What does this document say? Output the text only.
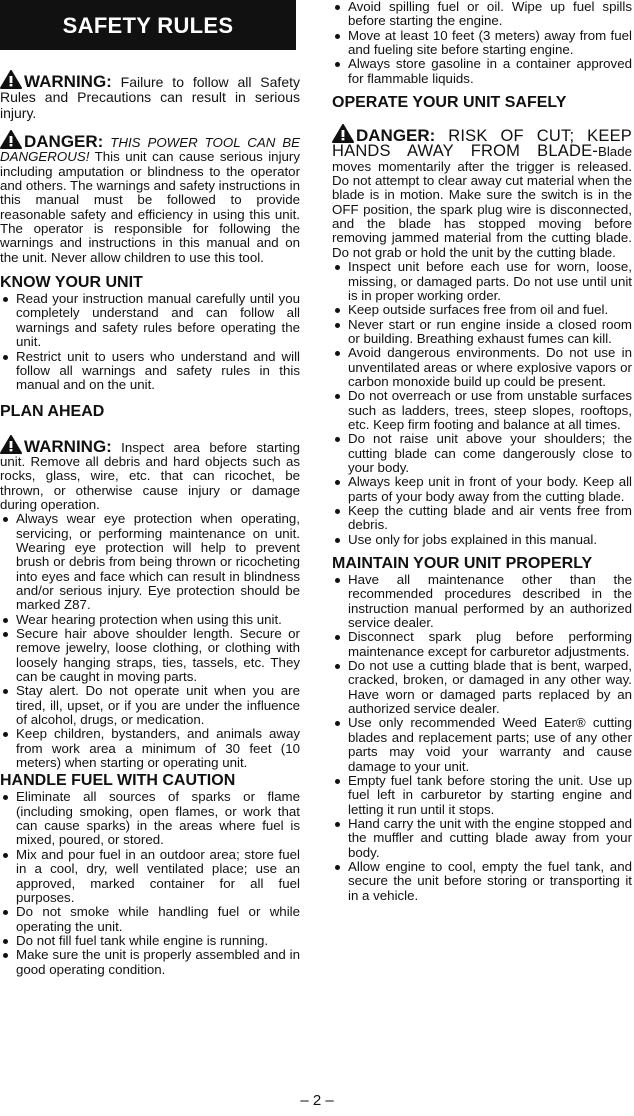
SAFETY RULES

WARNING: Failure to follow all Safety Rules and Precautions can result in serious injury.

DANGER: THIS POWER TOOL CAN BE DANGEROUS! This unit can cause serious injury including amputation or blindness to the operator and others. The warnings and safety instructions in this manual must be followed to provide reasonable safety and efficiency in using this unit. The operator is responsible for following the warnings and instructions in this manual and on the unit. Never allow children to use this tool.

KNOW YOUR UNIT
Read your instruction manual carefully until you completely understand and can follow all warnings and safety rules before operating the unit.
Restrict unit to users who understand and will follow all warnings and safety rules in this manual and on the unit.
PLAN AHEAD

WARNING: Inspect area before starting unit. Remove all debris and hard objects such as rocks, glass, wire, etc. that can ricochet, be thrown, or otherwise cause injury or damage during operation.

Always wear eye protection when operating, servicing, or performing maintenance on unit. Wearing eye protection will help to prevent brush or debris from being thrown or ricocheting into eyes and face which can result in blindness and/or serious injury. Eye protection should be marked Z87.
Wear hearing protection when using this unit.
Secure hair above shoulder length. Secure or remove jewelry, loose clothing, or clothing with loosely hanging straps, ties, tassels, etc. They can be caught in moving parts.
Stay alert. Do not operate unit when you are tired, ill, upset, or if you are under the influence of alcohol, drugs, or medication.
Keep children, bystanders, and animals away from work area a minimum of 30 feet (10 meters) when starting or operating unit.
HANDLE FUEL WITH CAUTION
Eliminate all sources of sparks or flame (including smoking, open flames, or work that can cause sparks) in the areas where fuel is mixed, poured, or stored.
Mix and pour fuel in an outdoor area; store fuel in a cool, dry, well ventilated place; use an approved, marked container for all fuel purposes.
Do not smoke while handling fuel or while operating the unit.
Do not fill fuel tank while engine is running.
Make sure the unit is properly assembled and in good operating condition.
Avoid spilling fuel or oil. Wipe up fuel spills before starting the engine.
Move at least 10 feet (3 meters) away from fuel and fueling site before starting engine.
Always store gasoline in a container approved for flammable liquids.
OPERATE YOUR UNIT SAFELY

DANGER: RISK OF CUT; KEEP HANDS AWAY FROM BLADE-Blade moves momentarily after the trigger is released. Do not attempt to clear away cut material when the blade is in motion. Make sure the switch is in the OFF position, the spark plug wire is disconnected, and the blade has stopped moving before removing jammed material from the cutting blade. Do not grab or hold the unit by the cutting blade.

Inspect unit before each use for worn, loose, missing, or damaged parts. Do not use until unit is in proper working order.
Keep outside surfaces free from oil and fuel.
Never start or run engine inside a closed room or building. Breathing exhaust fumes can kill.
Avoid dangerous environments. Do not use in unventilated areas or where explosive vapors or carbon monoxide build up could be present.
Do not overreach or use from unstable surfaces such as ladders, trees, steep slopes, rooftops, etc. Keep firm footing and balance at all times.
Do not raise unit above your shoulders; the cutting blade can come dangerously close to your body.
Always keep unit in front of your body. Keep all parts of your body away from the cutting blade.
Keep the cutting blade and air vents free from debris.
Use only for jobs explained in this manual.
MAINTAIN YOUR UNIT PROPERLY
Have all maintenance other than the recommended procedures described in the instruction manual performed by an authorized service dealer.
Disconnect spark plug before performing maintenance except for carburetor adjustments.
Do not use a cutting blade that is bent, warped, cracked, broken, or damaged in any other way. Have worn or damaged parts replaced by an authorized service dealer.
Use only recommended Weed Eater® cutting blades and replacement parts; use of any other parts may void your warranty and cause damage to your unit.
Empty fuel tank before storing the unit. Use up fuel left in carburetor by starting engine and letting it run until it stops.
Hand carry the unit with the engine stopped and the muffler and cutting blade away from your body.
Allow engine to cool, empty the fuel tank, and secure the unit before storing or transporting it in a vehicle.
– 2 –
